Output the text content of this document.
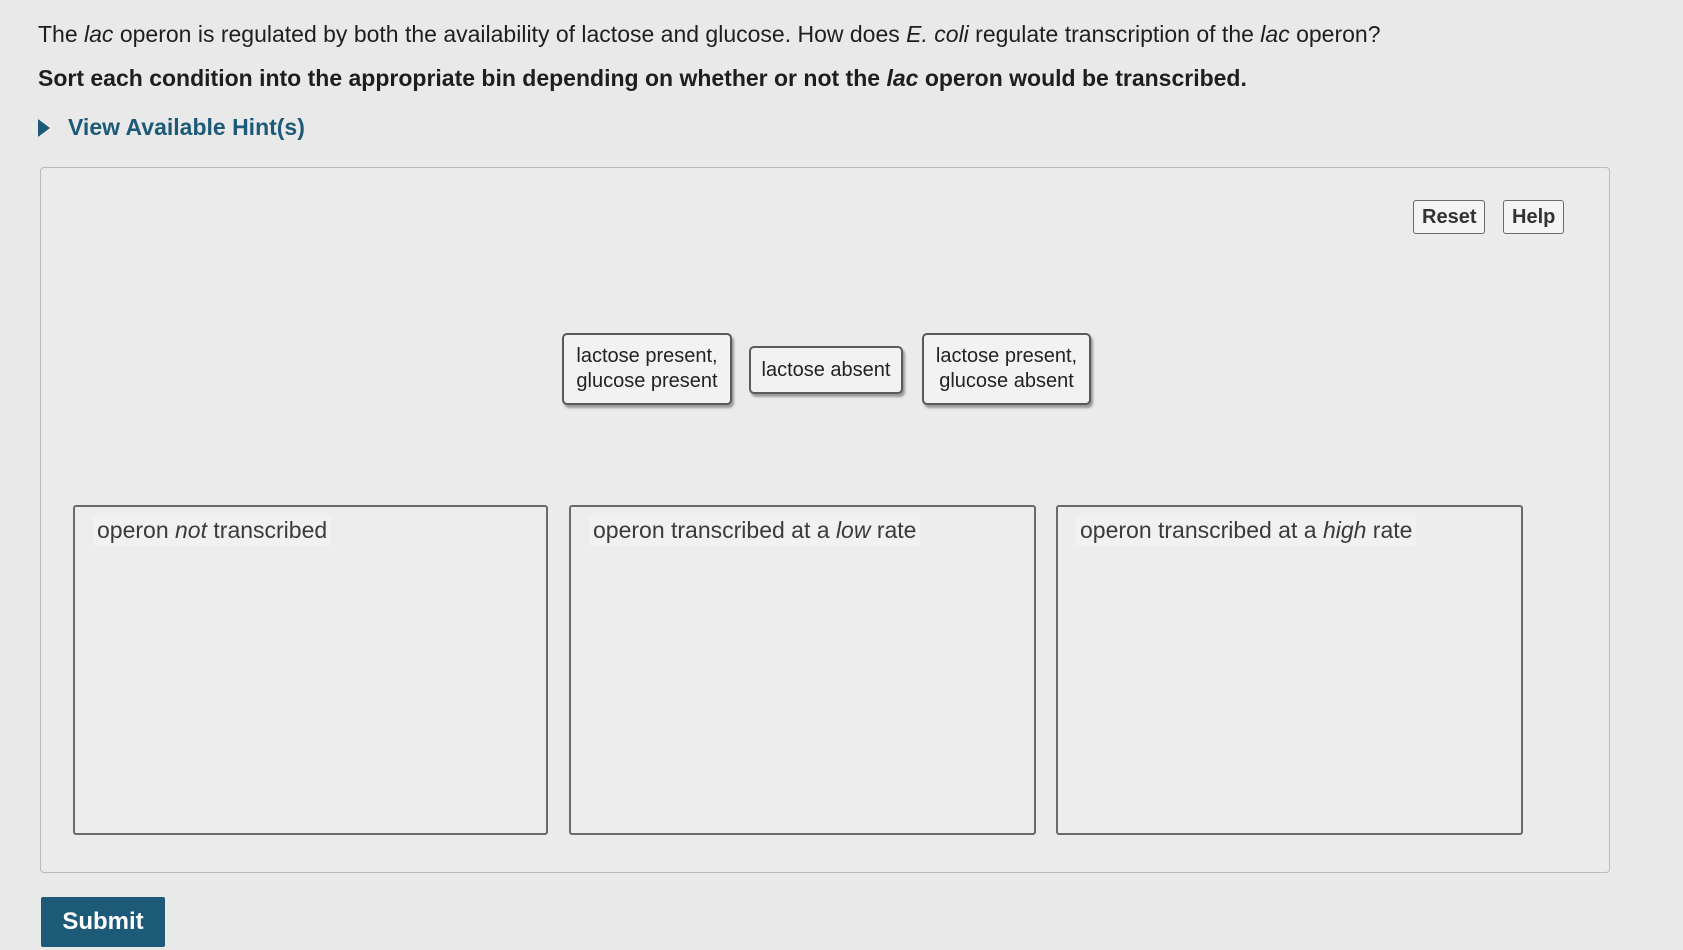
The lac operon is regulated by both the availability of lactose and glucose. How does E. coli regulate transcription of the lac operon?
Sort each condition into the appropriate bin depending on whether or not the lac operon would be transcribed.
View Available Hint(s)
Reset	Help
lactose present,
glucose present
lactose absent
lactose present,
glucose absent
operon not transcribed	operon transcribed at a low rate	operon transcribed at a high rate
Submit
